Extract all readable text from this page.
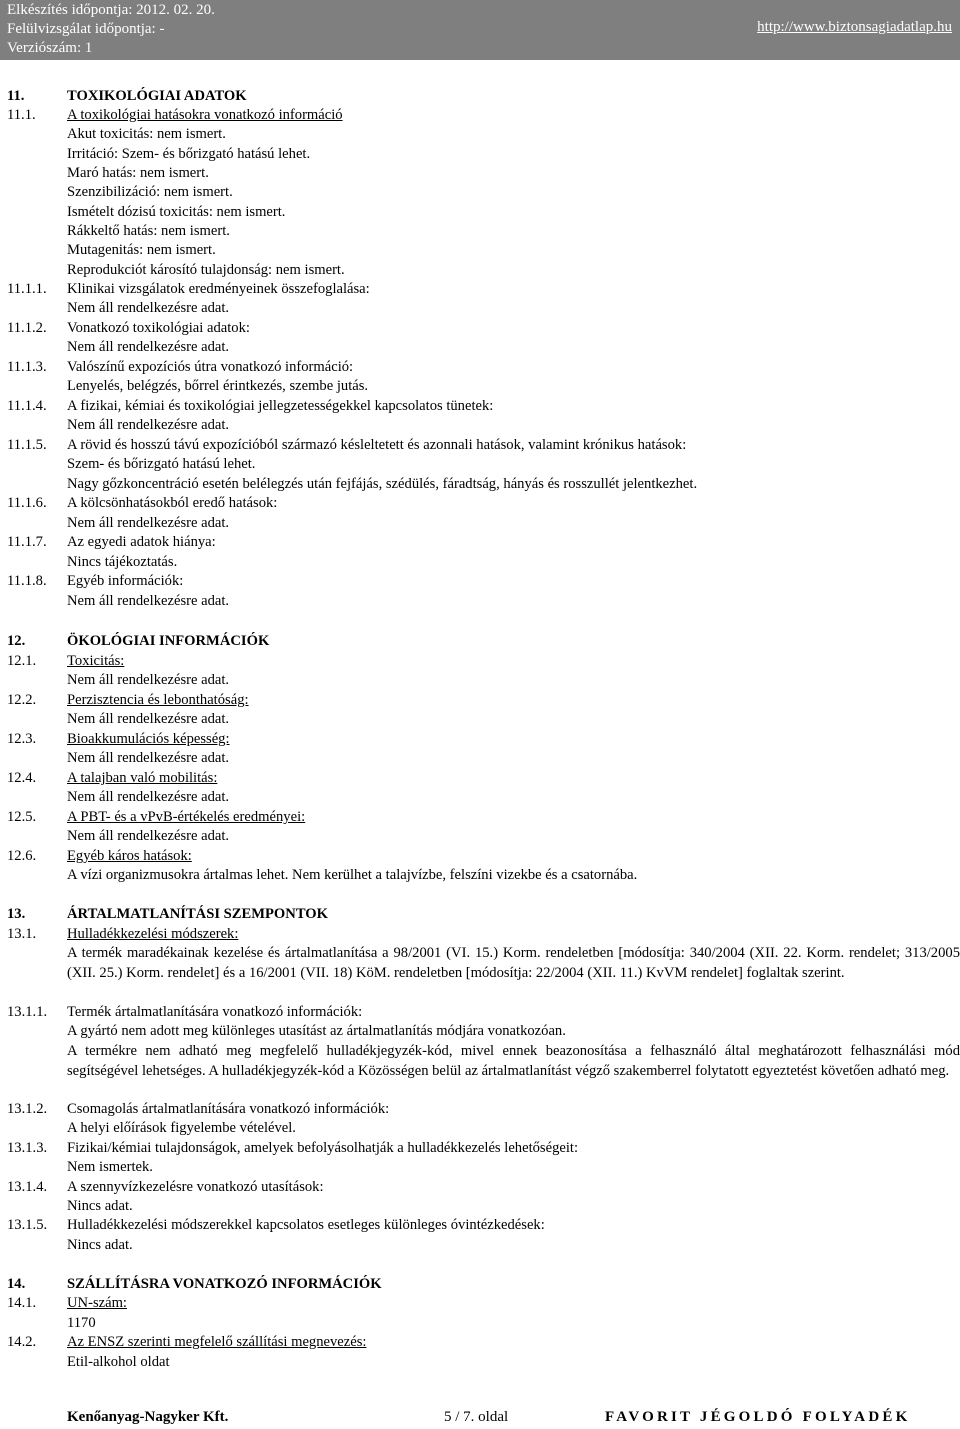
Elkészítés időpontja: 2012. 02. 20.
Felülvizsgálat időpontja: -
Verziószám: 1
http://www.biztonsagiadatlap.hu
11.	TOXIKOLÓGIAI ADATOK
11.1. A toxikológiai hatásokra vonatkozó információ
Akut toxicitás: nem ismert.
Irritáció: Szem- és bőrizgató hatású lehet.
Maró hatás: nem ismert.
Szenzibilizáció: nem ismert.
Ismételt dózisú toxicitás: nem ismert.
Rákkeltő hatás: nem ismert.
Mutagenitás: nem ismert.
Reprodukciót károsító tulajdonság: nem ismert.
11.1.1. Klinikai vizsgálatok eredményeinek összefoglalása:
Nem áll rendelkezésre adat.
11.1.2. Vonatkozó toxikológiai adatok:
Nem áll rendelkezésre adat.
11.1.3. Valószínű expozíciós útra vonatkozó információ:
Lenyelés, belégzés, bőrrel érintkezés, szembe jutás.
11.1.4. A fizikai, kémiai és toxikológiai jellegzetességekkel kapcsolatos tünetek:
Nem áll rendelkezésre adat.
11.1.5. A rövid és hosszú távú expozícióból származó késleltetett és azonnali hatások, valamint krónikus hatások:
Szem- és bőrizgató hatású lehet.
Nagy gőzkoncentráció esetén belélegzés után fejfájás, szédülés, fáradtság, hányás és rosszullét jelentkezhet.
11.1.6. A kölcsönhatásokból eredő hatások:
Nem áll rendelkezésre adat.
11.1.7. Az egyedi adatok hiánya:
Nincs tájékoztatás.
11.1.8. Egyéb információk:
Nem áll rendelkezésre adat.
12.	ÖKOLÓGIAI INFORMÁCIÓK
12.1. Toxicitás:
Nem áll rendelkezésre adat.
12.2. Perzisztencia és lebonthatóság:
Nem áll rendelkezésre adat.
12.3. Bioakkumulációs képesség:
Nem áll rendelkezésre adat.
12.4. A talajban való mobilitás:
Nem áll rendelkezésre adat.
12.5. A PBT- és a vPvB-értékelés eredményei:
Nem áll rendelkezésre adat.
12.6. Egyéb káros hatások:
A vízi organizmusokra ártalmas lehet. Nem kerülhet a talajvízbe, felszíni vizekbe és a csatornába.
13.	ÁRTALMATLANÍTÁSI SZEMPONTOK
13.1. Hulladékkezelési módszerek:
A termék maradékainak kezelése és ártalmatlanítása a 98/2001 (VI. 15.) Korm. rendeletben [módosítja: 340/2004 (XII. 22. Korm. rendelet; 313/2005 (XII. 25.) Korm. rendelet] és a 16/2001 (VII. 18) KöM. rendeletben [módosítja: 22/2004 (XII. 11.) KvVM rendelet] foglaltak szerint.
13.1.1. Termék ártalmatlanítására vonatkozó információk:
A gyártó nem adott meg különleges utasítást az ártalmatlanítás módjára vonatkozóan.
A termékre nem adható meg megfelelő hulladékjegyzék-kód, mivel ennek beazonosítása a felhasználó által meghatározott felhasználási mód segítségével lehetséges. A hulladékjegyzék-kód a Közösségen belül az ártalmatlanítást végző szakemberrel folytatott egyeztetést követően adható meg.
13.1.2. Csomagolás ártalmatlanítására vonatkozó információk:
A helyi előírások figyelembe vételével.
13.1.3. Fizikai/kémiai tulajdonságok, amelyek befolyásolhatják a hulladékkezelés lehetőségeit:
Nem ismertek.
13.1.4. A szennyvízkezelésre vonatkozó utasítások:
Nincs adat.
13.1.5. Hulladékkezelési módszerekkel kapcsolatos esetleges különleges óvintézkedések:
Nincs adat.
14.	SZÁLLÍTÁSRA VONATKOZÓ INFORMÁCIÓK
14.1. UN-szám:
1170
14.2. Az ENSZ szerinti megfelelő szállítási megnevezés:
Etil-alkohol oldat
Kenőanyag-Nagyker Kft.	5 / 7. oldal	FAVORIT JÉGOLDÓ FOLYADÉK
